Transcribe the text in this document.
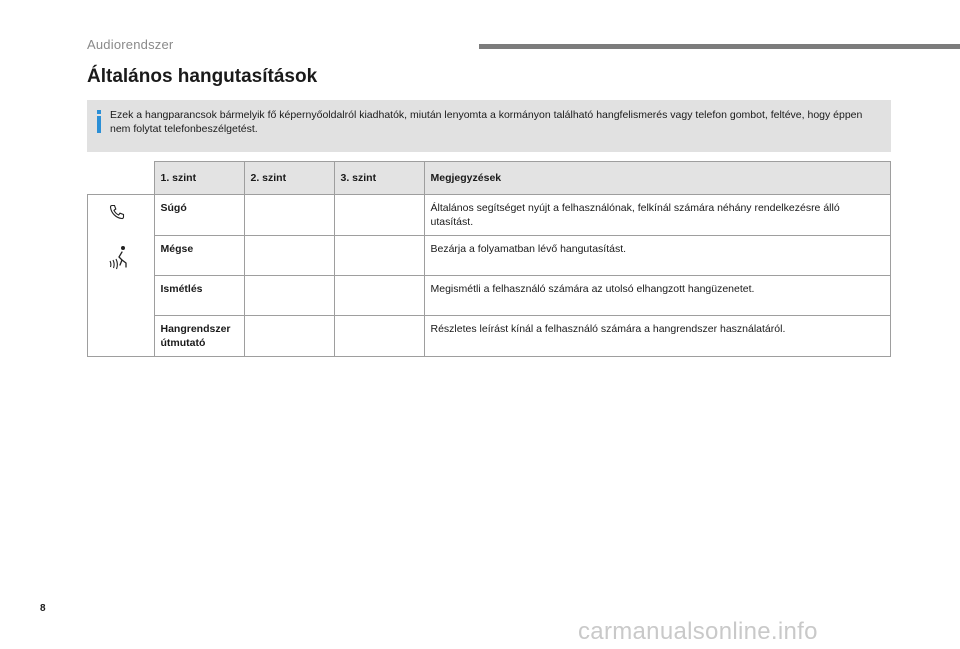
Audiorendszer
Általános hangutasítások
Ezek a hangparancsok bármelyik fő képernyőoldalról kiadhatók, miután lenyomta a kormányon található hangfelismerés vagy telefon gombot, feltéve, hogy éppen nem folytat telefonbeszélgetést.
	1. szint	2. szint	3. szint	Megjegyzések

	Súgó			Általános segítséget nyújt a felhasználónak, felkínál számára néhány rendelkezésre álló utasítást.
	Mégse			Bezárja a folyamatban lévő hangutasítást.
	Ismétlés			Megismétli a felhasználó számára az utolsó elhangzott hangüzenetet.
	Hangrendszer útmutató			Részletes leírást kínál a felhasználó számára a hangrendszer használatáról.
8
carmanualsonline.info
